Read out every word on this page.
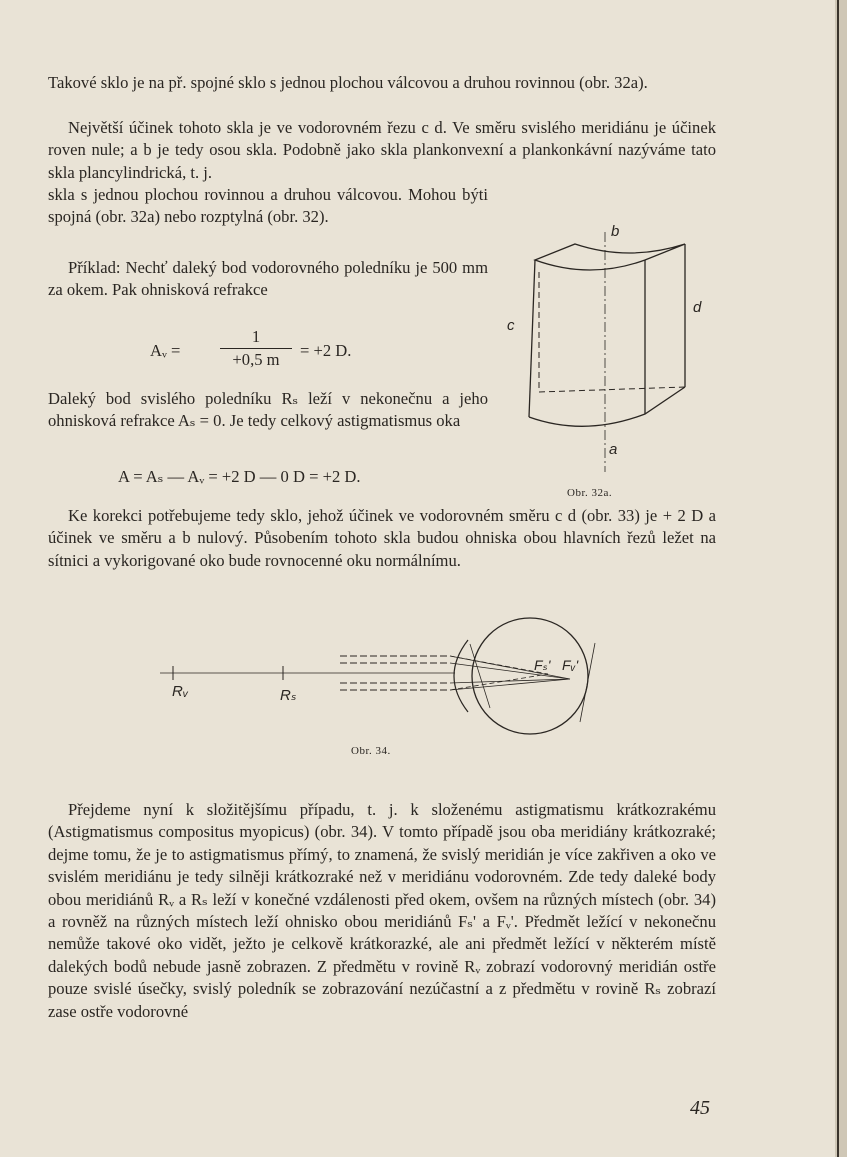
Takové sklo je na př. spojné sklo s jednou plochou válcovou a druhou rovinnou (obr. 32a).

Největší účinek tohoto skla je ve vodorovném řezu c d. Ve směru svislého meridiánu je účinek roven nule; a b je tedy osou skla. Podobně jako skla plankonvexní a plankonkávní nazýváme tato skla plancylindrická, t. j.

skla s jednou plochou rovinnou a druhou válcovou. Mohou býti spojná (obr. 32a) nebo rozptylná (obr. 32).

Příklad: Nechť daleký bod vodorovného poledníku je 500 mm za okem. Pak ohnisková refrakce

Aᵥ =
1
+0,5 m	= +2 D.

Daleký bod svislého poledníku Rₛ leží v nekonečnu a jeho ohnisková refrakce Aₛ = 0. Je tedy celkový astigmatismus oka

A = Aₛ — Aᵥ = +2 D — 0 D = +2 D.
b
d
c
a
Obr. 32a.

Ke korekci potřebujeme tedy sklo, jehož účinek ve vodorovném směru c d (obr. 33) je + 2 D a účinek ve směru a b nulový. Působením tohoto skla budou ohniska obou hlavních řezů ležet na sítnici a vykorigované oko bude rovnocenné oku normálnímu.

Rᵥ	Rₛ
Fₛ' Fᵥ'
Obr. 34.

Přejdeme nyní k složitějšímu případu, t. j. k složenému astigmatismu krátkozrakému (Astigmatismus compositus myopicus) (obr. 34). V tomto případě jsou oba meridiány krátkozraké; dejme tomu, že je to astigmatismus přímý, to znamená, že svislý meridián je více zakřiven a oko ve svislém meridiánu je tedy silněji krátkozraké než v meridiánu vodorovném. Zde tedy daleké body obou meridiánů Rᵥ a Rₛ leží v konečné vzdálenosti před okem, ovšem na různých místech (obr. 34) a rovněž na různých místech leží ohnisko obou meridiánů Fₛ' a Fᵥ'. Předmět ležící v nekonečnu nemůže takové oko vidět, ježto je celkově krátkorazké, ale ani předmět ležící v některém místě dalekých bodů nebude jasně zobrazen. Z předmětu v rovině Rᵥ zobrazí vodorovný meridián ostře pouze svislé úsečky, svislý poledník se zobrazování nezúčastní a z předmětu v rovině Rₛ zobrazí zase ostře vodorovné

45
